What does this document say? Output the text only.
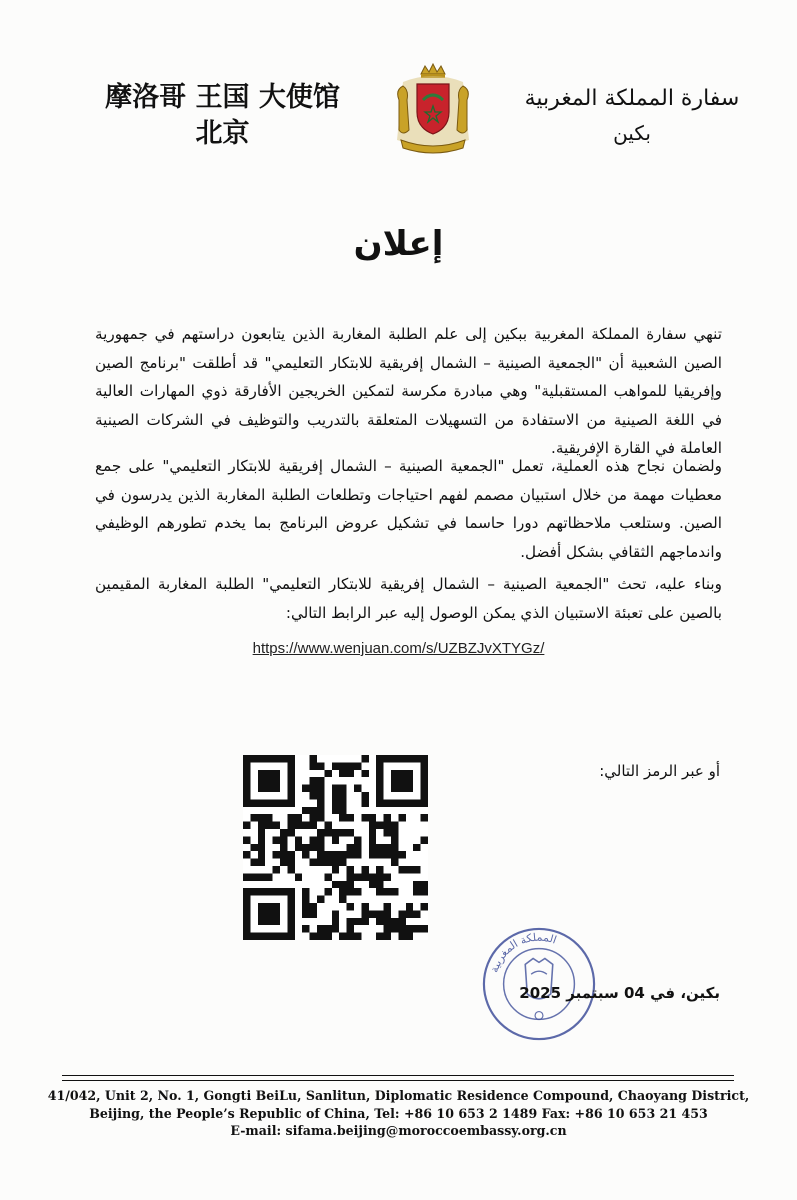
摩洛哥 王国 大使馆
北京
سفارة المملكة المغربية
بكين
إعلان
تنهي سفارة المملكة المغربية ببكين إلى علم الطلبة المغاربة الذين يتابعون دراستهم في جمهورية الصين الشعبية أن "الجمعية الصينية – الشمال إفريقية للابتكار التعليمي" قد أطلقت "برنامج الصين وإفريقيا للمواهب المستقبلية" وهي مبادرة مكرسة لتمكين الخريجين الأفارقة ذوي المهارات العالية في اللغة الصينية من الاستفادة من التسهيلات المتعلقة بالتدريب والتوظيف في الشركات الصينية العاملة في القارة الإفريقية.
ولضمان نجاح هذه العملية، تعمل "الجمعية الصينية – الشمال إفريقية للابتكار التعليمي" على جمع معطيات مهمة من خلال استبيان مصمم لفهم احتياجات وتطلعات الطلبة المغاربة الذين يدرسون في الصين. وستلعب ملاحظاتهم دورا حاسما في تشكيل عروض البرنامج بما يخدم تطورهم الوظيفي واندماجهم الثقافي بشكل أفضل.
وبناء عليه، تحث "الجمعية الصينية – الشمال إفريقية للابتكار التعليمي" الطلبة المغاربة المقيمين بالصين على تعبئة الاستبيان الذي يمكن الوصول إليه عبر الرابط التالي:
https://www.wenjuan.com/s/UZBZJvXTYGz/
أو عبر الرمز التالي:
المملكة المغربية
بكين، في 04 سبتمبر 2025
41/042, Unit 2, No. 1, Gongti BeiLu, Sanlitun, Diplomatic Residence Compound, Chaoyang District,
Beijing, the People’s Republic of China, Tel: +86 10 653 2 1489 Fax: +86 10 653 21 453
E-mail: sifama.beijing@moroccoembassy.org.cn
